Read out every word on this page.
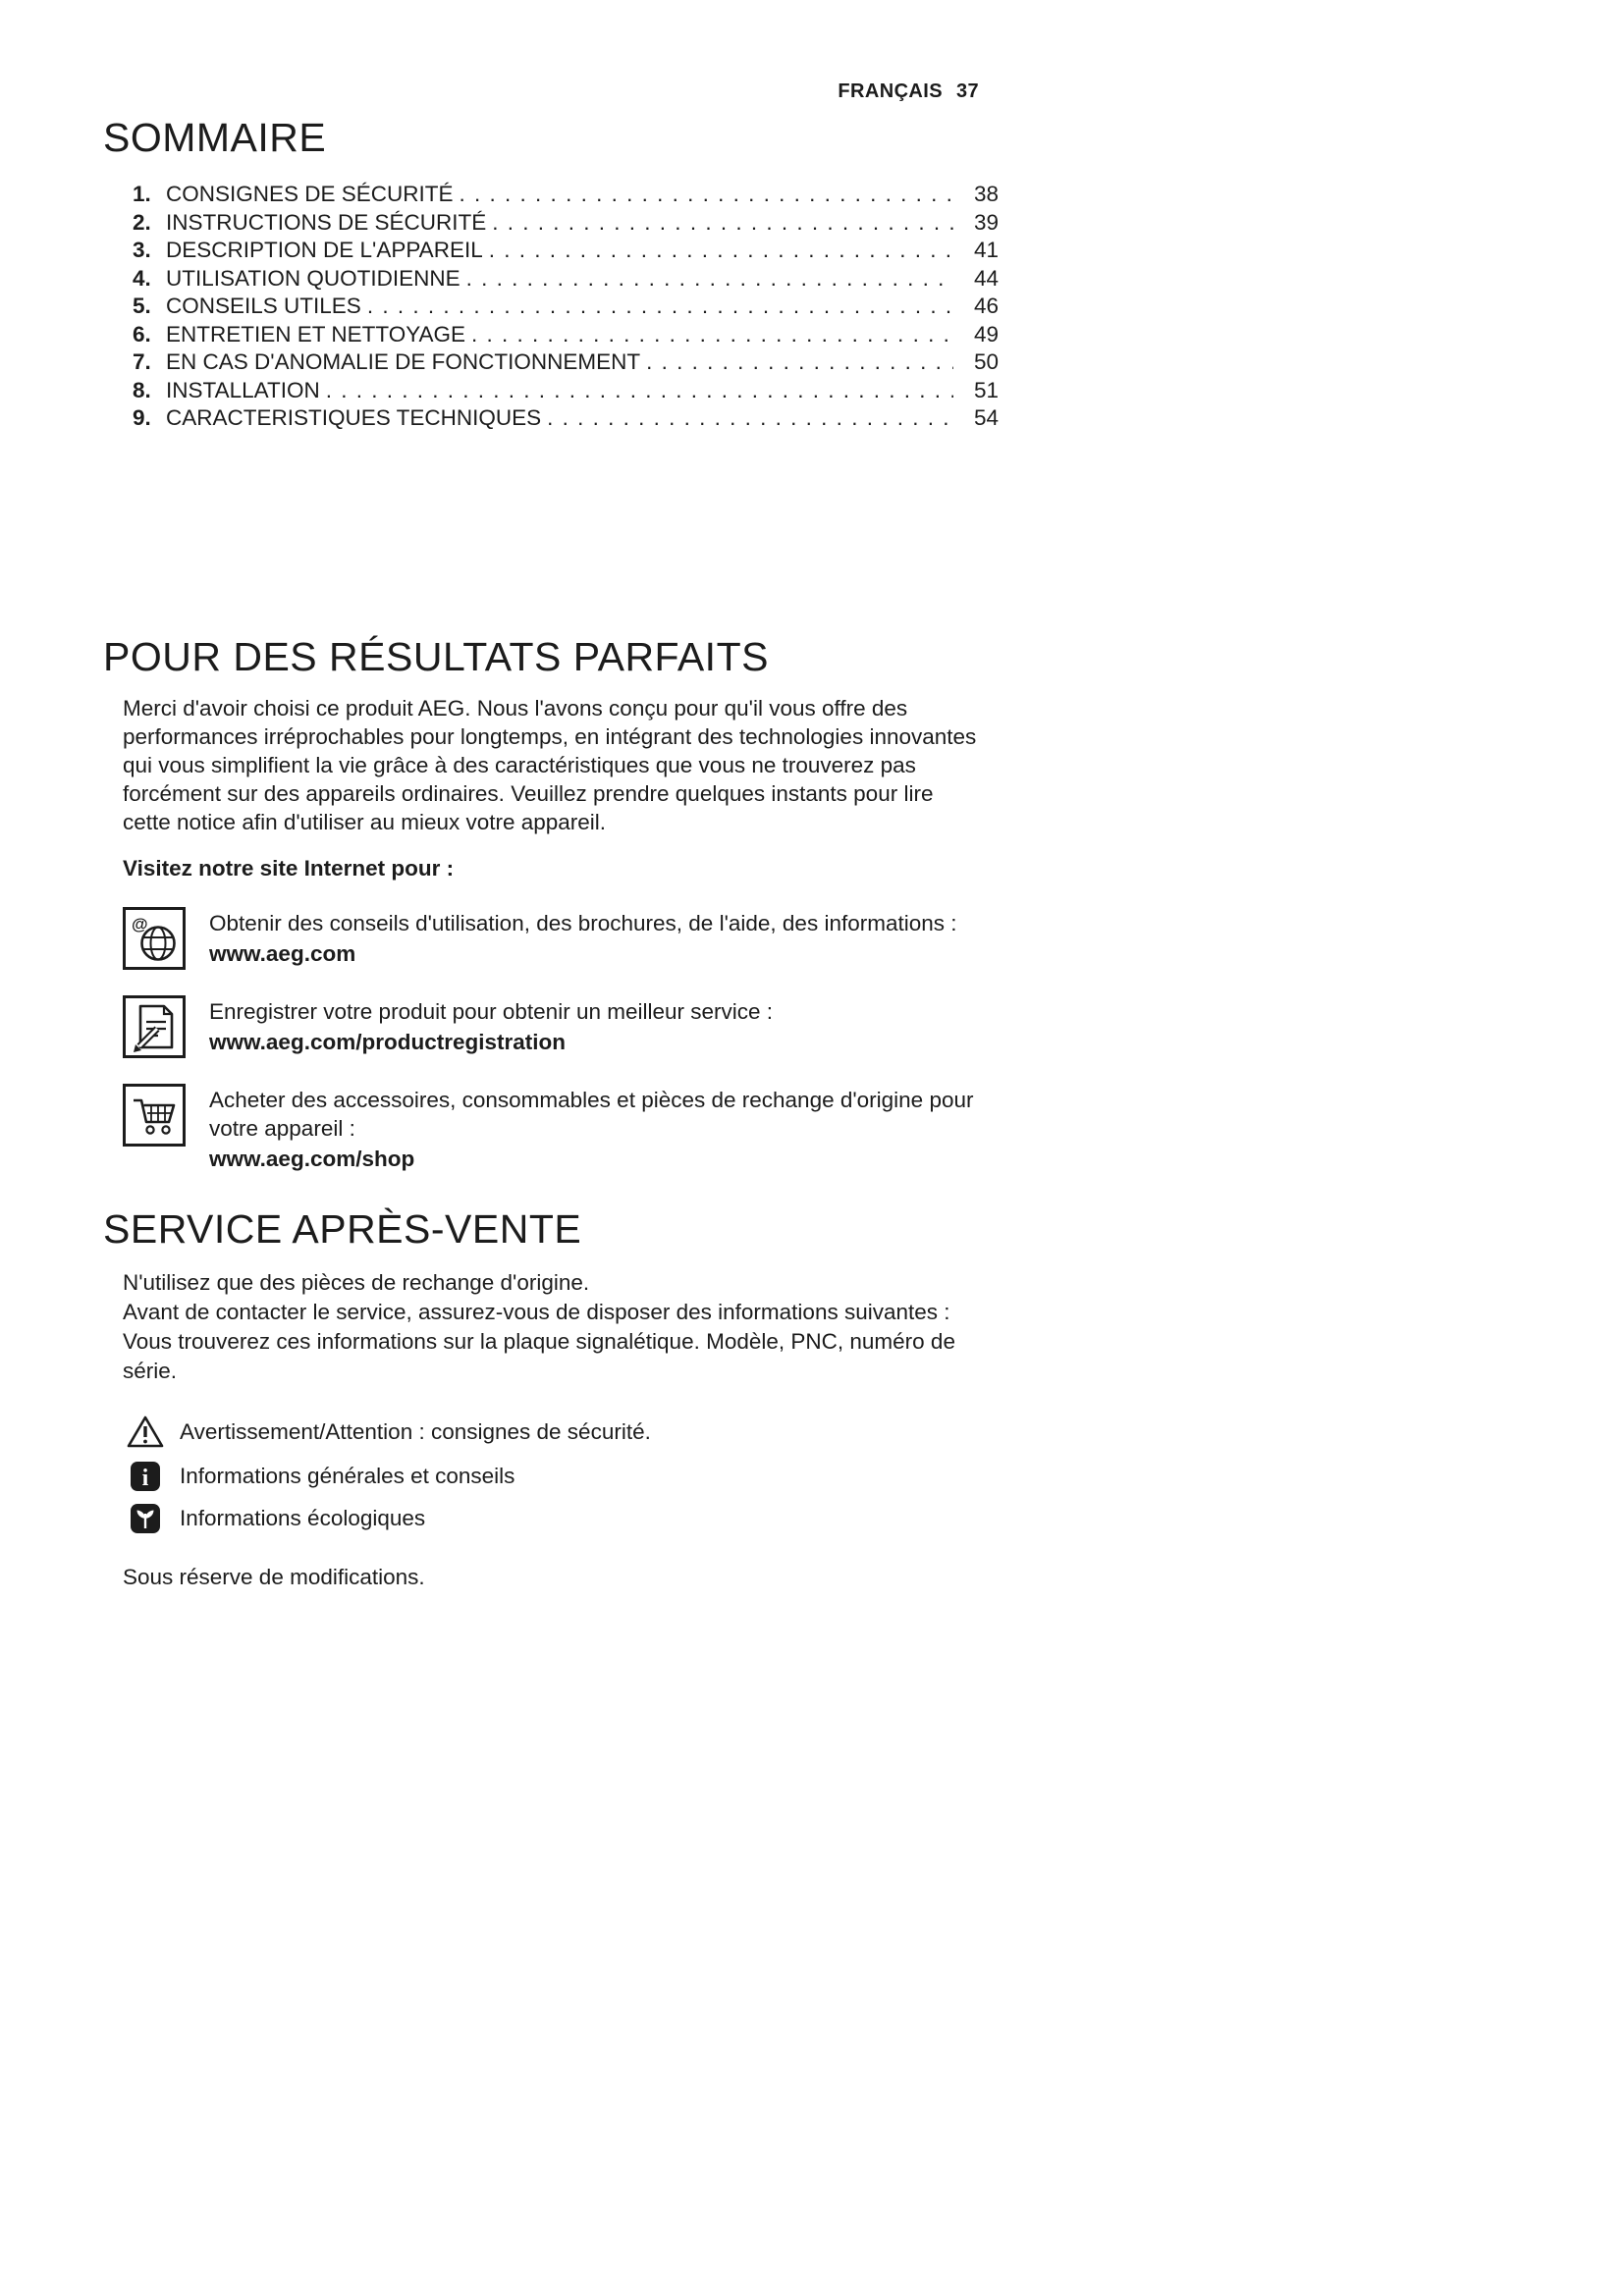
FRANÇAIS 37
SOMMAIRE
1. CONSIGNES DE SÉCURITÉ . . .	38
2. INSTRUCTIONS DE SÉCURITÉ . . .	39
3. DESCRIPTION DE L'APPAREIL . . .	41
4. UTILISATION QUOTIDIENNE . . .	44
5. CONSEILS UTILES . . .	46
6. ENTRETIEN ET NETTOYAGE . . .	49
7. EN CAS D'ANOMALIE DE FONCTIONNEMENT . . .	50
8. INSTALLATION . . .	51
9. CARACTERISTIQUES TECHNIQUES . . .	54
POUR DES RÉSULTATS PARFAITS

Merci d'avoir choisi ce produit AEG. Nous l'avons conçu pour qu'il vous offre des performances irréprochables pour longtemps, en intégrant des technologies innovantes qui vous simplifient la vie grâce à des caractéristiques que vous ne trouverez pas forcément sur des appareils ordinaires. Veuillez prendre quelques instants pour lire cette notice afin d'utiliser au mieux votre appareil.

Visitez notre site Internet pour :
@	Obtenir des conseils d'utilisation, des brochures, de l'aide, des informations :
www.aeg.com
Enregistrer votre produit pour obtenir un meilleur service :
www.aeg.com/productregistration
Acheter des accessoires, consommables et pièces de rechange d'origine pour votre appareil :
www.aeg.com/shop
SERVICE APRÈS-VENTE
N'utilisez que des pièces de rechange d'origine.
Avant de contacter le service, assurez-vous de disposer des informations suivantes :
Vous trouverez ces informations sur la plaque signalétique. Modèle, PNC, numéro de série.
Avertissement/Attention : consignes de sécurité.
i Informations générales et conseils
Informations écologiques
Sous réserve de modifications.
